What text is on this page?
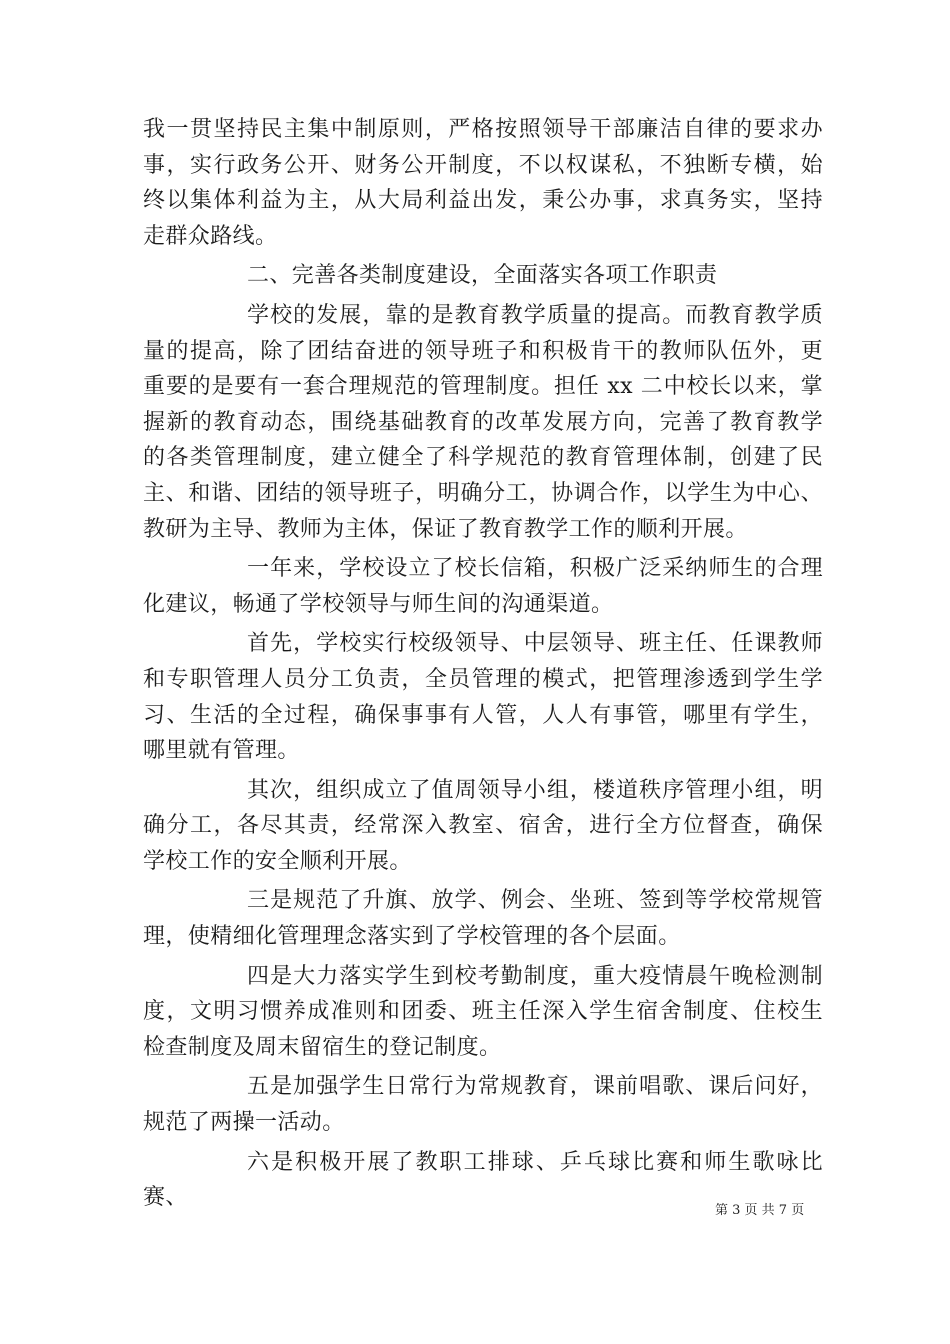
我一贯坚持民主集中制原则，严格按照领导干部廉洁自律的要求办
事，实行政务公开、财务公开制度，不以权谋私，不独断专横，始
终以集体利益为主，从大局利益出发，秉公办事，求真务实，坚持
走群众路线。

二、完善各类制度建设，全面落实各项工作职责

学校的发展，靠的是教育教学质量的提高。而教育教学质
量的提高，除了团结奋进的领导班子和积极肯干的教师队伍外，更
重要的是要有一套合理规范的管理制度。担任 xx 二中校长以来，掌
握新的教育动态，围绕基础教育的改革发展方向，完善了教育教学
的各类管理制度，建立健全了科学规范的教育管理体制，创建了民
主、和谐、团结的领导班子，明确分工，协调合作，以学生为中心、
教研为主导、教师为主体，保证了教育教学工作的顺利开展。

一年来，学校设立了校长信箱，积极广泛采纳师生的合理
化建议，畅通了学校领导与师生间的沟通渠道。

首先，学校实行校级领导、中层领导、班主任、任课教师
和专职管理人员分工负责，全员管理的模式，把管理渗透到学生学
习、生活的全过程，确保事事有人管，人人有事管，哪里有学生，
哪里就有管理。

其次，组织成立了值周领导小组，楼道秩序管理小组，明
确分工，各尽其责，经常深入教室、宿舍，进行全方位督查，确保
学校工作的安全顺利开展。

三是规范了升旗、放学、例会、坐班、签到等学校常规管
理，使精细化管理理念落实到了学校管理的各个层面。

四是大力落实学生到校考勤制度，重大疫情晨午晚检测制
度，文明习惯养成准则和团委、班主任深入学生宿舍制度、住校生
检查制度及周末留宿生的登记制度。

五是加强学生日常行为常规教育，课前唱歌、课后问好，
规范了两操一活动。

六是积极开展了教职工排球、乒乓球比赛和师生歌咏比赛、

第 3 页 共 7 页
